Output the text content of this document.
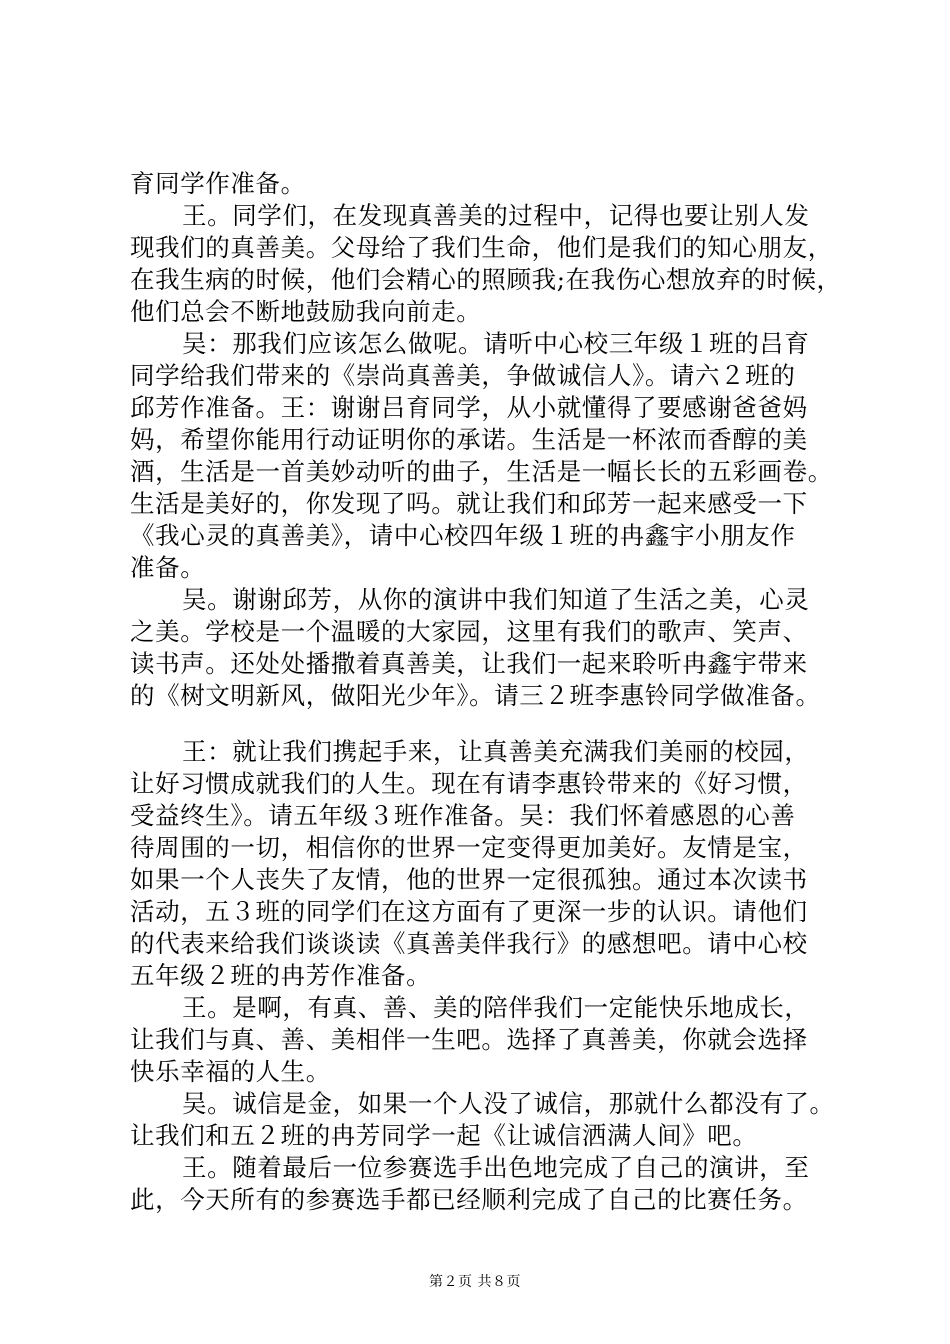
育同学作准备。
王。同学们，在发现真善美的过程中，记得也要让别人发
现我们的真善美。父母给了我们生命，他们是我们的知心朋友，
在我生病的时候，他们会精心的照顾我;在我伤心想放弃的时候，
他们总会不断地鼓励我向前走。
吴：那我们应该怎么做呢。请听中心校三年级１班的吕育
同学给我们带来的《崇尚真善美，争做诚信人》。请六２班的
邱芳作准备。王：谢谢吕育同学，从小就懂得了要感谢爸爸妈
妈，希望你能用行动证明你的承诺。生活是一杯浓而香醇的美
酒，生活是一首美妙动听的曲子，生活是一幅长长的五彩画卷。
生活是美好的，你发现了吗。就让我们和邱芳一起来感受一下
《我心灵的真善美》，请中心校四年级１班的冉鑫宇小朋友作
准备。
吴。谢谢邱芳，从你的演讲中我们知道了生活之美，心灵
之美。学校是一个温暖的大家园，这里有我们的歌声、笑声、
读书声。还处处播撒着真善美，让我们一起来聆听冉鑫宇带来
的《树文明新风，做阳光少年》。请三２班李惠铃同学做准备。
王：就让我们携起手来，让真善美充满我们美丽的校园，
让好习惯成就我们的人生。现在有请李惠铃带来的《好习惯，
受益终生》。请五年级３班作准备。吴：我们怀着感恩的心善
待周围的一切，相信你的世界一定变得更加美好。友情是宝，
如果一个人丧失了友情，他的世界一定很孤独。通过本次读书
活动，五３班的同学们在这方面有了更深一步的认识。请他们
的代表来给我们谈谈读《真善美伴我行》的感想吧。请中心校
五年级２班的冉芳作准备。
王。是啊，有真、善、美的陪伴我们一定能快乐地成长，
让我们与真、善、美相伴一生吧。选择了真善美，你就会选择
快乐幸福的人生。
吴。诚信是金，如果一个人没了诚信，那就什么都没有了。
让我们和五２班的冉芳同学一起《让诚信洒满人间》吧。
王。随着最后一位参赛选手出色地完成了自己的演讲，至
此，今天所有的参赛选手都已经顺利完成了自己的比赛任务。
第２页 共８页
